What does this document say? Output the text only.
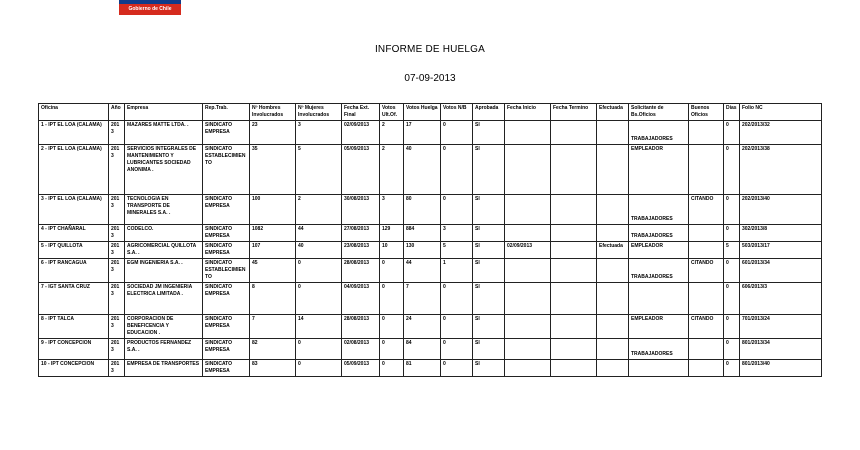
Gobierno de Chile
INFORME DE HUELGA
07-09-2013
Oficina	Año	Empresa	Rep.Trab.	Nº Hombres Involucrados	Nº Mujeres Involucrados	Fecha Ext. Final	Votos Ult.Of.	Votos Huelga	Votos N/B	Aprobada	Fecha Inicio	Fecha Termino	Efectuada	Solicitante de Bs.Oficios	Buenos Oficios	Días	Folio NC
1 - IPT EL LOA (CALAMA)	2013	MAZARES MATTE LTDA. .	SINDICATO EMPRESA	23	3	02/09/2013	2	17	0	SI				TRABAJADORES		0	202/2013/32
2 - IPT EL LOA (CALAMA)	2013	SERVICIOS INTEGRALES DE MANTENIMIENTO Y LUBRICANTES SOCIEDAD ANONIMA .	SINDICATO ESTABLECIMIENTO	35	5	05/09/2013	2	40	0	SI				EMPLEADOR		0	202/2013/38
3 - IPT EL LOA (CALAMA)	2013	TECNOLOGIA EN TRANSPORTE DE MINERALES S.A. .	SINDICATO EMPRESA	100	2	30/08/2013	3	80	0	SI				TRABAJADORES	CITANDO	0	202/2013/40
4 - IPT CHAÑARAL	2013	CODELCO.	SINDICATO EMPRESA	1082	44	27/08/2013	129	884	3	SI				TRABAJADORES		0	302/2013/8
5 - IPT QUILLOTA	2013	AGRICOMERCIAL QUILLOTA S.A. .	SINDICATO EMPRESA	107	40	23/08/2013	10	130	5	SI	02/09/2013		Efectuada	EMPLEADOR		5	503/2013/17
6 - IPT RANCAGUA	2013	EGM INGENIERIA S.A. .	SINDICATO ESTABLECIMIENTO	45	0	28/08/2013	0	44	1	SI				TRABAJADORES	CITANDO	0	601/2013/34
7 - IGT SANTA CRUZ	2013	SOCIEDAD JM INGENIERIA ELECTRICA LIMITADA .	SINDICATO EMPRESA	8	0	04/09/2013	0	7	0	SI						0	606/2013/3
8 - IPT TALCA	2013	CORPORACION DE BENEFICENCIA Y EDUCACION .	SINDICATO EMPRESA	7	14	28/08/2013	0	24	0	SI				EMPLEADOR	CITANDO	0	701/2013/24
9 - IPT CONCEPCION	2013	PRODUCTOS FERNANDEZ S.A. .	SINDICATO EMPRESA	82	0	02/08/2013	0	84	0	SI				TRABAJADORES		0	801/2013/34
10 - IPT CONCEPCION	2013	EMPRESA DE TRANSPORTES	SINDICATO EMPRESA	83	0	05/09/2013	0	81	0	SI						0	801/2013/40
